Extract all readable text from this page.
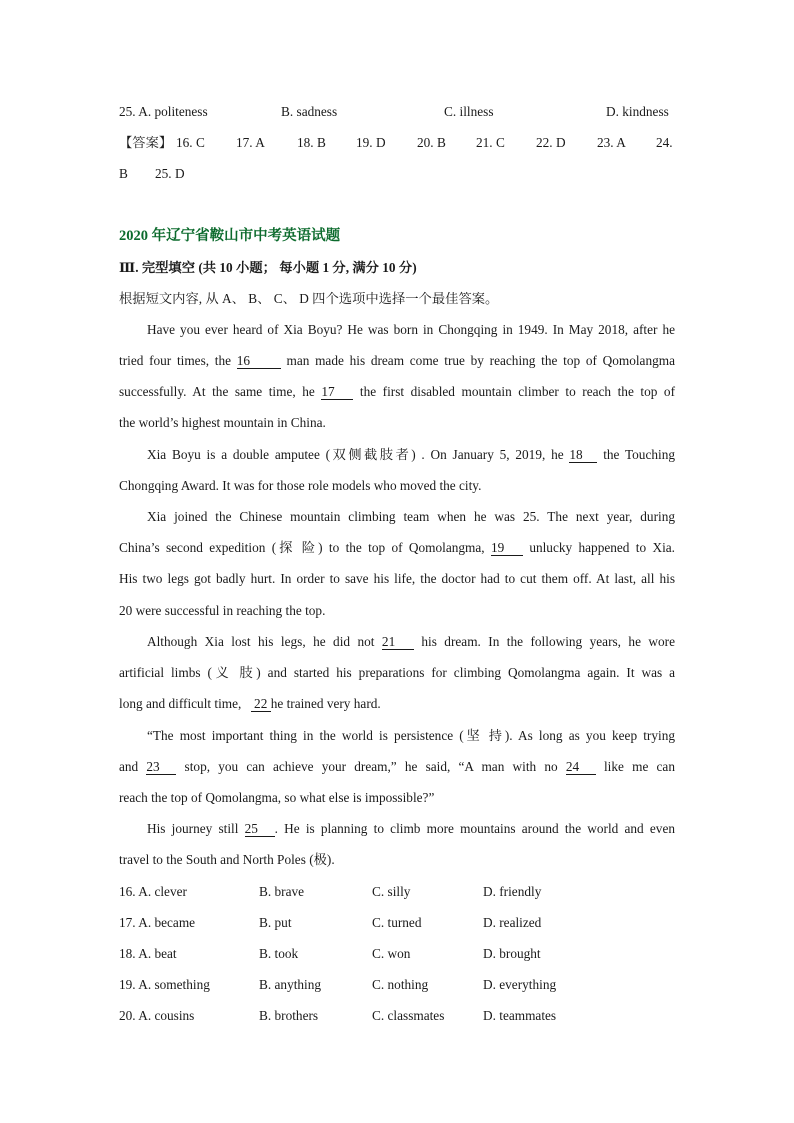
25. A. politeness	B. sadness	C. illness	D. kindness
【答案】 16. C 17. A 18. B 19. D 20. B 21. C 22. D 23. A 24.
B 25. D
2020 年辽宁省鞍山市中考英语试题
Ⅲ. 完型填空 (共 10 小题； 每小题 1 分, 满分 10 分)
根据短文内容, 从 A、 B、 C、 D 四个选项中选择一个最佳答案。
Have you ever heard of Xia Boyu? He was born in Chongqing in 1949. In May 2018, after he
tried four times, the 16	man made his dream come true by reaching the top of Qomolangma
successfully. At the same time, he 17 the first disabled mountain climber to reach the top of
the world’s highest mountain in China.
Xia Boyu is a double amputee (双侧截肢者) . On January 5, 2019, he 18 the Touching
Chongqing Award. It was for those role models who moved the city.
Xia joined the Chinese mountain climbing team when he was 25. The next year, during
China’s second expedition (探 险) to the top of Qomolangma, 19 unlucky happened to Xia.
His two legs got badly hurt. In order to save his life, the doctor had to cut them off. At last, all his
20 were successful in reaching the top.
Although Xia lost his legs, he did not 21 his dream. In the following years, he wore
artificial limbs (义 肢) and started his preparations for climbing Qomolangma again. It was a
long and difficult time, 22 he trained very hard.
“The most important thing in the world is persistence (坚 持). As long as you keep trying
and 23 stop, you can achieve your dream,” he said, “A man with no 24 like me can
reach the top of Qomolangma, so what else is impossible?”
His journey still 25 . He is planning to climb more mountains around the world and even
travel to the South and North Poles (极).
16. A. clever	B. brave	C. silly	D. friendly
17. A. became	B. put	C. turned	D. realized
18. A. beat	B. took	C. won	D. brought
19. A. something	B. anything	C. nothing	D. everything
20. A. cousins	B. brothers	C. classmates	D. teammates
